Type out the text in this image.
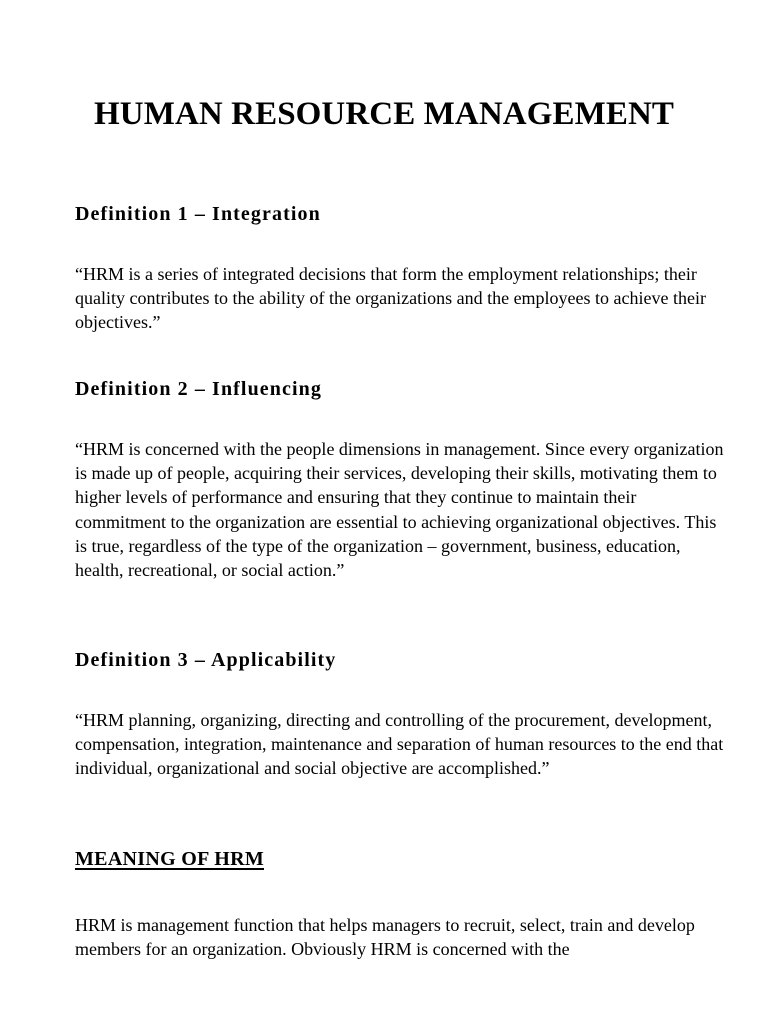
HUMAN RESOURCE MANAGEMENT
Definition 1 – Integration

“HRM is a series of integrated decisions that form the employment relationships; their quality contributes to the ability of the organizations and the employees to achieve their objectives.”

Definition 2 – Influencing

“HRM is concerned with the people dimensions in management. Since every organization is made up of people, acquiring their services, developing their skills, motivating them to higher levels of performance and ensuring that they continue to maintain their commitment to the organization are essential to achieving organizational objectives. This is true, regardless of the type of the organization – government, business, education, health, recreational, or social action.”

Definition 3 – Applicability

“HRM planning, organizing, directing and controlling of the procurement, development, compensation, integration, maintenance and separation of human resources to the end that individual, organizational and social objective are accomplished.”

MEANING OF HRM

HRM is management function that helps managers to recruit, select, train and develop members for an organization. Obviously HRM is concerned with the
